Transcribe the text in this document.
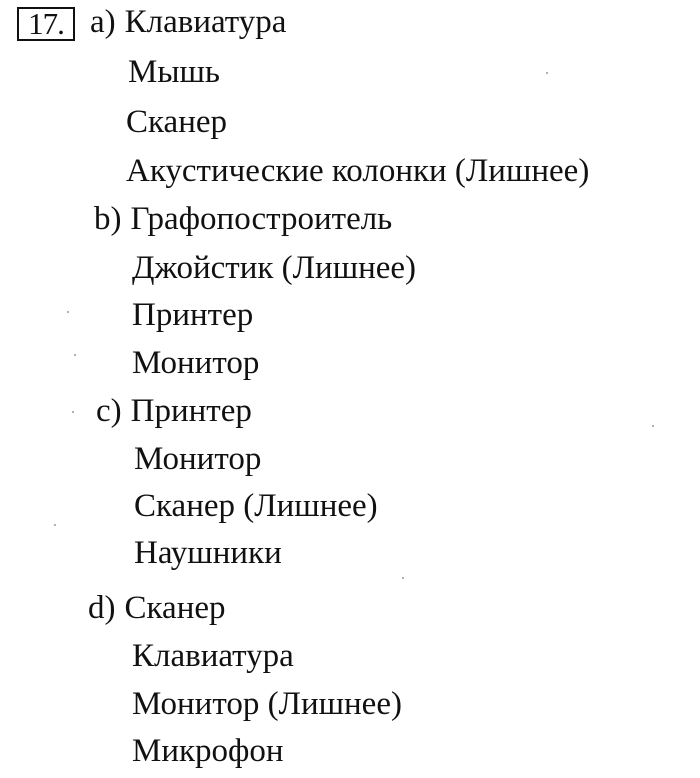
17. a) Клавиатура
Мышь
Сканер
Акустические колонки (Лишнее)
b) Графопостроитель
Джойстик (Лишнее)
Принтер
Монитор
c) Принтер
Монитор
Сканер (Лишнее)
Наушники
d) Сканер
Клавиатура
Монитор (Лишнее)
Микрофон
